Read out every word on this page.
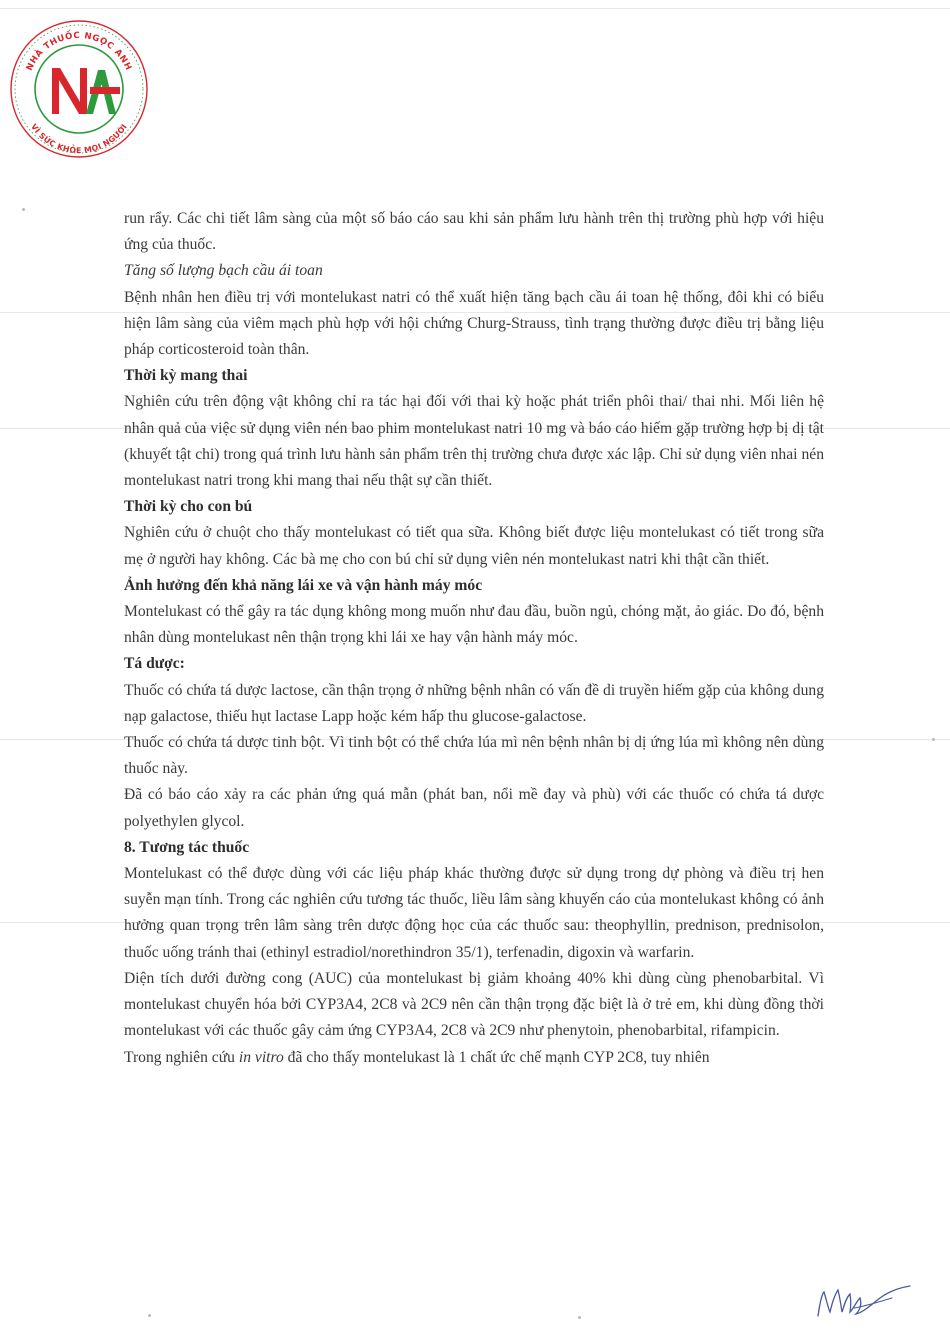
NHÀ THUỐC NGỌC ANH
VÌ SỨC KHỎE MỌI NGƯỜI

run rẩy. Các chi tiết lâm sàng của một số báo cáo sau khi sản phẩm lưu hành trên thị trường phù hợp với hiệu ứng của thuốc.

Tăng số lượng bạch cầu ái toan

Bệnh nhân hen điều trị với montelukast natri có thể xuất hiện tăng bạch cầu ái toan hệ thống, đôi khi có biểu hiện lâm sàng của viêm mạch phù hợp với hội chứng Churg-Strauss, tình trạng thường được điều trị bằng liệu pháp corticosteroid toàn thân.

Thời kỳ mang thai

Nghiên cứu trên động vật không chỉ ra tác hại đối với thai kỳ hoặc phát triển phôi thai/ thai nhi. Mối liên hệ nhân quả của việc sử dụng viên nén bao phim montelukast natri 10 mg và báo cáo hiếm gặp trường hợp bị dị tật (khuyết tật chi) trong quá trình lưu hành sản phẩm trên thị trường chưa được xác lập. Chỉ sử dụng viên nhai nén montelukast natri trong khi mang thai nếu thật sự cần thiết.

Thời kỳ cho con bú

Nghiên cứu ở chuột cho thấy montelukast có tiết qua sữa. Không biết được liệu montelukast có tiết trong sữa mẹ ở người hay không. Các bà mẹ cho con bú chỉ sử dụng viên nén montelukast natri khi thật cần thiết.

Ảnh hưởng đến khả năng lái xe và vận hành máy móc

Montelukast có thể gây ra tác dụng không mong muốn như đau đầu, buồn ngủ, chóng mặt, ảo giác. Do đó, bệnh nhân dùng montelukast nên thận trọng khi lái xe hay vận hành máy móc.

Tá dược:

Thuốc có chứa tá dược lactose, cần thận trọng ở những bệnh nhân có vấn đề di truyền hiếm gặp của không dung nạp galactose, thiếu hụt lactase Lapp hoặc kém hấp thu glucose-galactose.

Thuốc có chứa tá dược tinh bột. Vì tinh bột có thể chứa lúa mì nên bệnh nhân bị dị ứng lúa mì không nên dùng thuốc này.

Đã có báo cáo xảy ra các phản ứng quá mẫn (phát ban, nổi mề đay và phù) với các thuốc có chứa tá dược polyethylen glycol.

8. Tương tác thuốc

Montelukast có thể được dùng với các liệu pháp khác thường được sử dụng trong dự phòng và điều trị hen suyễn mạn tính. Trong các nghiên cứu tương tác thuốc, liều lâm sàng khuyến cáo của montelukast không có ảnh hưởng quan trọng trên lâm sàng trên dược động học của các thuốc sau: theophyllin, prednison, prednisolon, thuốc uống tránh thai (ethinyl estradiol/norethindron 35/1), terfenadin, digoxin và warfarin.

Diện tích dưới đường cong (AUC) của montelukast bị giảm khoảng 40% khi dùng cùng phenobarbital. Vì montelukast chuyển hóa bởi CYP3A4, 2C8 và 2C9 nên cần thận trọng đặc biệt là ở trẻ em, khi dùng đồng thời montelukast với các thuốc gây cảm ứng CYP3A4, 2C8 và 2C9 như phenytoin, phenobarbital, rifampicin.

Trong nghiên cứu in vitro đã cho thấy montelukast là 1 chất ức chế mạnh CYP 2C8, tuy nhiên
